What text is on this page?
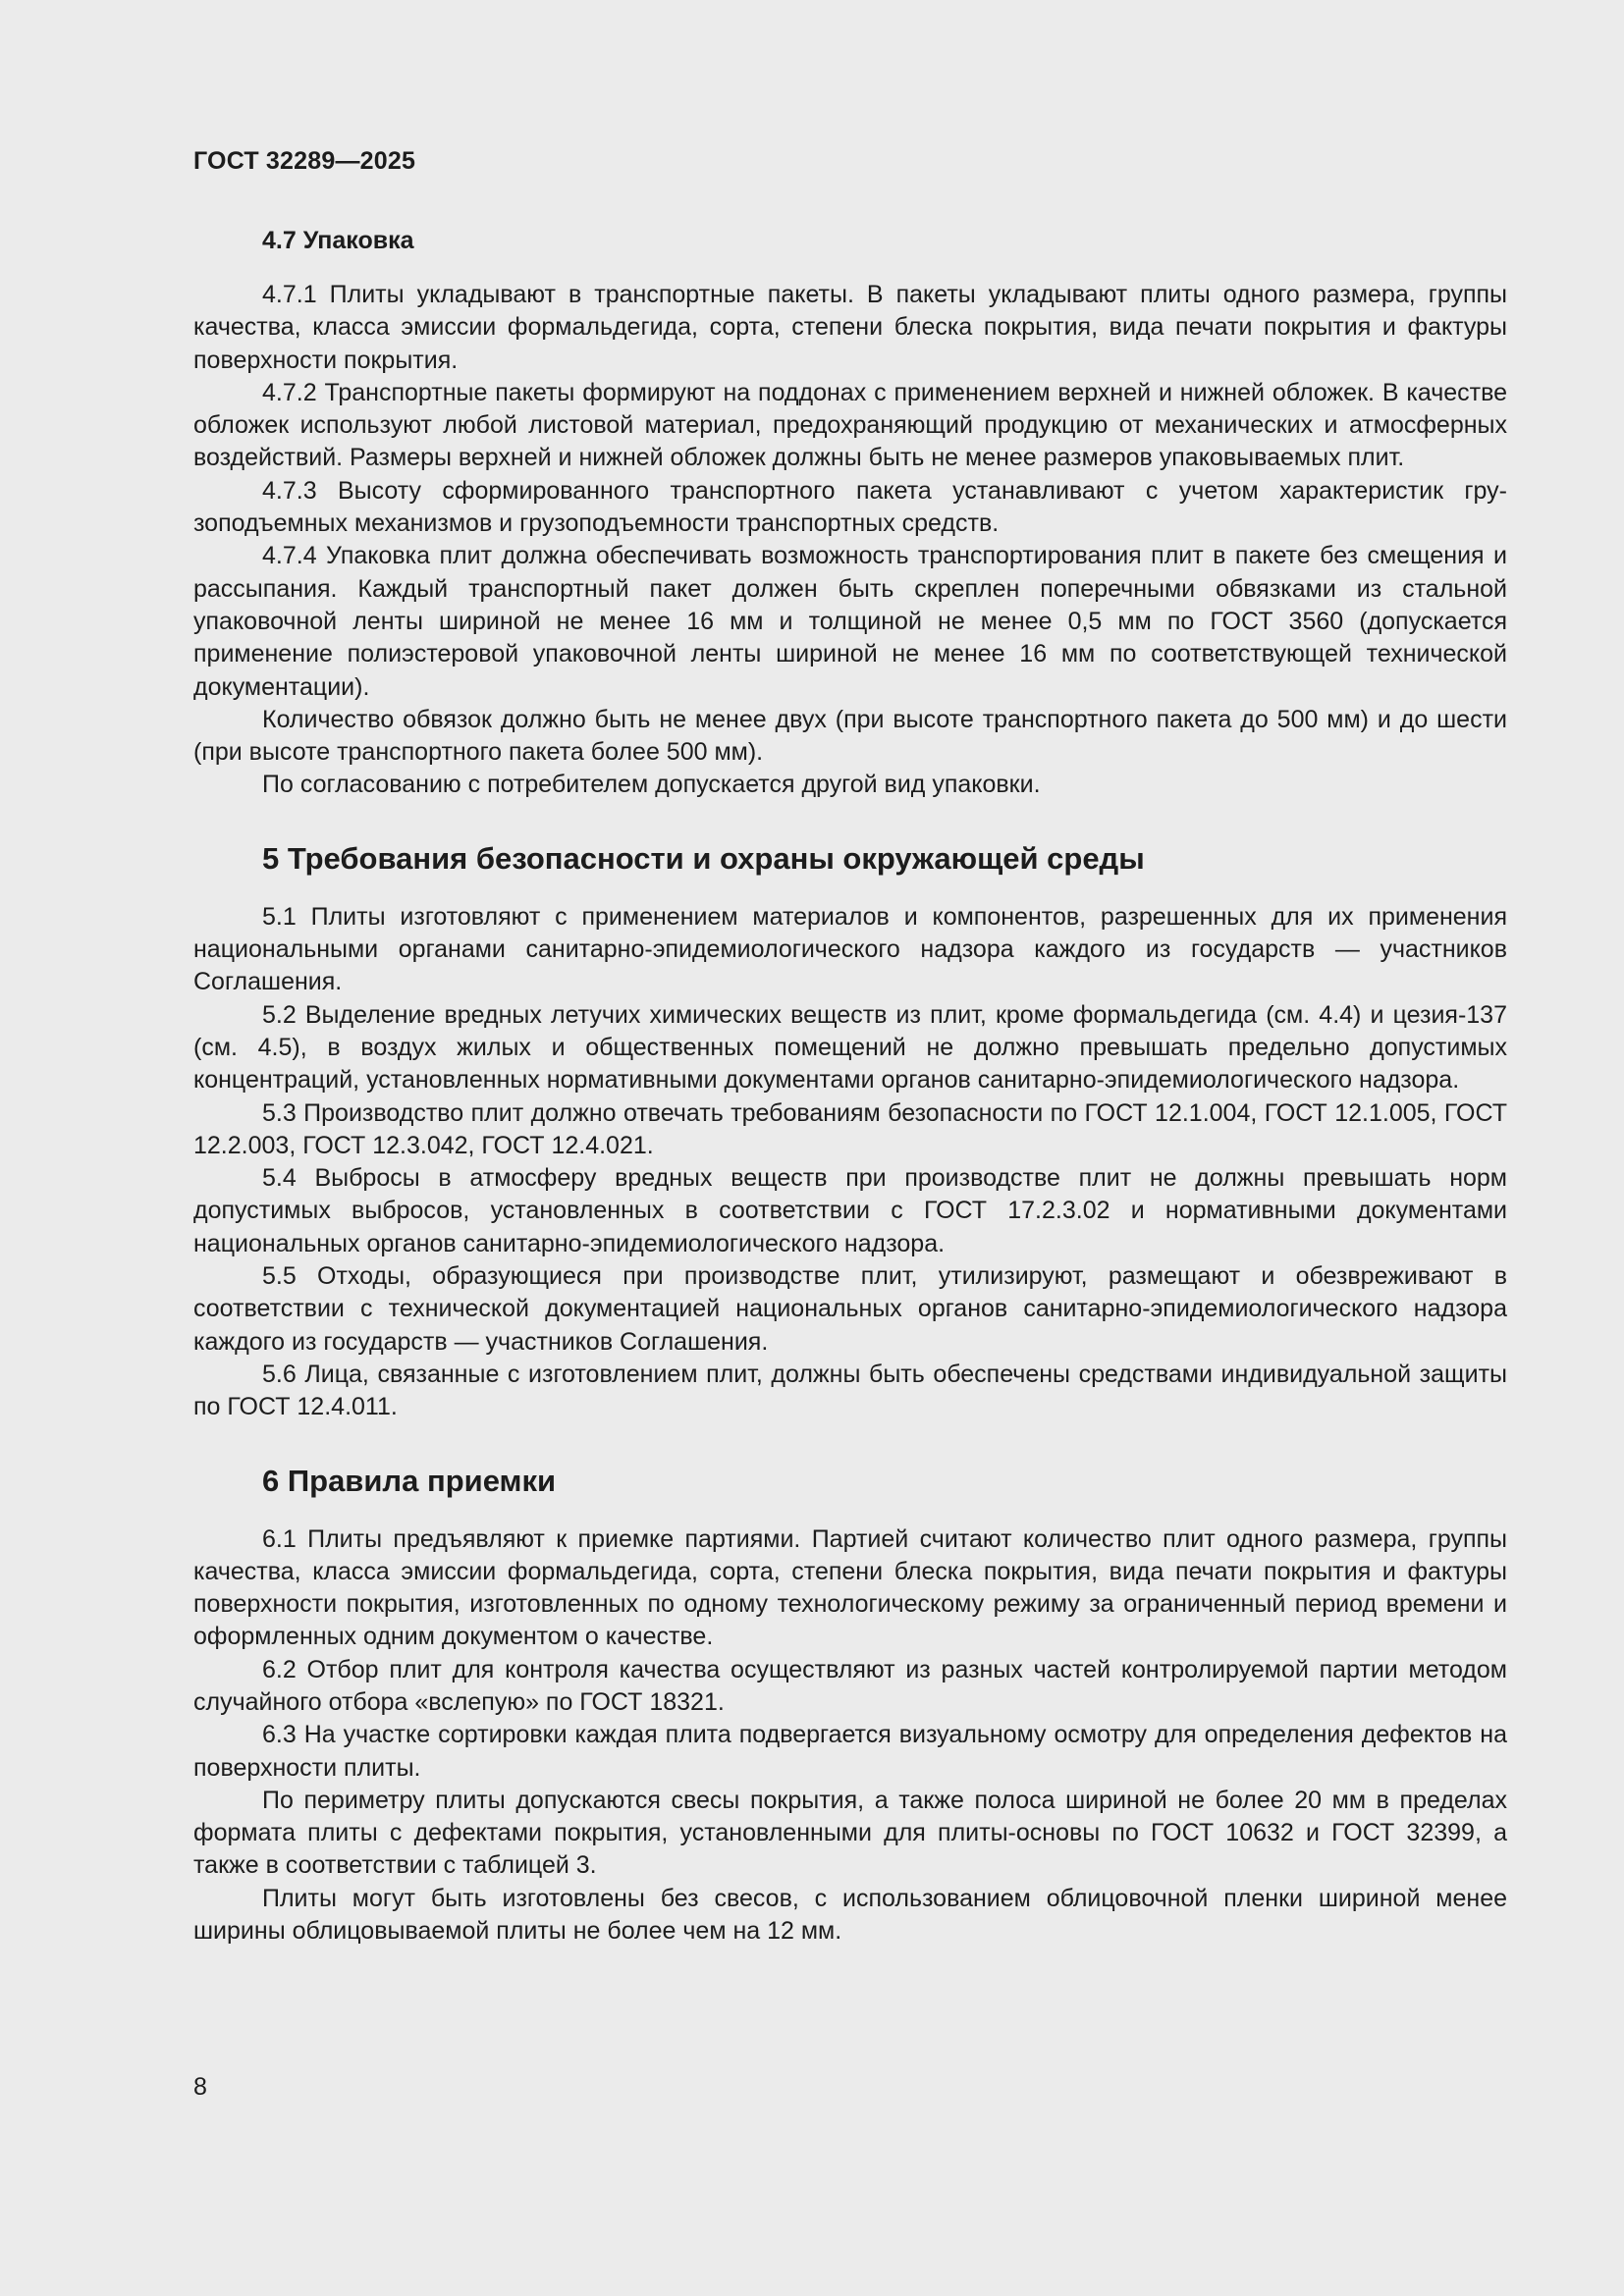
ГОСТ 32289—2025
4.7 Упаковка

4.7.1 Плиты укладывают в транспортные пакеты. В пакеты укладывают плиты одного размера, группы качества, класса эмиссии формальдегида, сорта, степени блеска покрытия, вида печати покрытия и фактуры поверхности покрытия.

4.7.2 Транспортные пакеты формируют на поддонах с применением верхней и нижней обложек. В качестве обложек используют любой листовой материал, предохраняющий продукцию от механических и атмосферных воздействий. Размеры верхней и нижней обложек должны быть не менее размеров упаковываемых плит.

4.7.3 Высоту сформированного транспортного пакета устанавливают с учетом характеристик грузоподъемных механизмов и грузоподъемности транспортных средств.

4.7.4 Упаковка плит должна обеспечивать возможность транспортирования плит в пакете без смещения и рассыпания. Каждый транспортный пакет должен быть скреплен поперечными обвязками из стальной упаковочной ленты шириной не менее 16 мм и толщиной не менее 0,5 мм по ГОСТ 3560 (допускается применение полиэстеровой упаковочной ленты шириной не менее 16 мм по соответствующей технической документации).

Количество обвязок должно быть не менее двух (при высоте транспортного пакета до 500 мм) и до шести (при высоте транспортного пакета более 500 мм).

По согласованию с потребителем допускается другой вид упаковки.

5 Требования безопасности и охраны окружающей среды

5.1 Плиты изготовляют с применением материалов и компонентов, разрешенных для их применения национальными органами санитарно-эпидемиологического надзора каждого из государств — участников Соглашения.

5.2 Выделение вредных летучих химических веществ из плит, кроме формальдегида (см. 4.4) и цезия-137 (см. 4.5), в воздух жилых и общественных помещений не должно превышать предельно допустимых концентраций, установленных нормативными документами органов санитарно-эпидемиологического надзора.

5.3 Производство плит должно отвечать требованиям безопасности по ГОСТ 12.1.004, ГОСТ 12.1.005, ГОСТ 12.2.003, ГОСТ 12.3.042, ГОСТ 12.4.021.

5.4 Выбросы в атмосферу вредных веществ при производстве плит не должны превышать норм допустимых выбросов, установленных в соответствии с ГОСТ 17.2.3.02 и нормативными документами национальных органов санитарно-эпидемиологического надзора.

5.5 Отходы, образующиеся при производстве плит, утилизируют, размещают и обезвреживают в соответствии с технической документацией национальных органов санитарно-эпидемиологического надзора каждого из государств — участников Соглашения.

5.6 Лица, связанные с изготовлением плит, должны быть обеспечены средствами индивидуальной защиты по ГОСТ 12.4.011.

6 Правила приемки

6.1 Плиты предъявляют к приемке партиями. Партией считают количество плит одного размера, группы качества, класса эмиссии формальдегида, сорта, степени блеска покрытия, вида печати покрытия и фактуры поверхности покрытия, изготовленных по одному технологическому режиму за ограниченный период времени и оформленных одним документом о качестве.

6.2 Отбор плит для контроля качества осуществляют из разных частей контролируемой партии методом случайного отбора «вслепую» по ГОСТ 18321.

6.3 На участке сортировки каждая плита подвергается визуальному осмотру для определения дефектов на поверхности плиты.

По периметру плиты допускаются свесы покрытия, а также полоса шириной не более 20 мм в пределах формата плиты с дефектами покрытия, установленными для плиты-основы по ГОСТ 10632 и ГОСТ 32399, а также в соответствии с таблицей 3.

Плиты могут быть изготовлены без свесов, с использованием облицовочной пленки шириной менее ширины облицовываемой плиты не более чем на 12 мм.

8
